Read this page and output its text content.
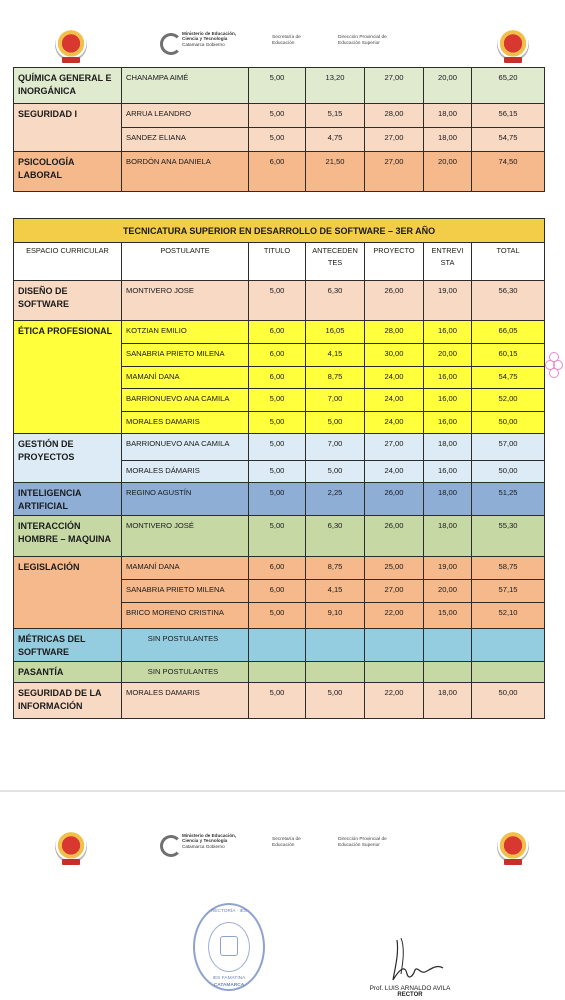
Ministerio de Educación,
Ciencia y Tecnología
Catamarca Gobierno
Secretaría de
Educación
Dirección Provincial de
Educación Superior
QUÍMICA GENERAL E INORGÁNICA	CHANAMPA AIMÉ	5,00	13,20	27,00	20,00	65,20
SEGURIDAD I	ARRUA LEANDRO	5,00	5,15	28,00	18,00	56,15
	SANDEZ ELIANA	5,00	4,75	27,00	18,00	54,75
PSICOLOGÍA LABORAL	BORDÓN ANA DANIELA	6,00	21,50	27,00	20,00	74,50
TECNICATURA SUPERIOR EN DESARROLLO DE SOFTWARE – 3ER AÑO						
ESPACIO CURRICULAR	POSTULANTE	TITULO	ANTECEDEN TES	PROYECTO	ENTREVI STA	TOTAL
DISEÑO DE SOFTWARE	MONTIVERO JOSE	5,00	6,30	26,00	19,00	56,30
ÉTICA PROFESIONAL	KOTZIAN EMILIO	6,00	16,05	28,00	16,00	66,05
	SANABRIA PRIETO MILENA	6,00	4,15	30,00	20,00	60,15
	MAMANÍ DANA	6,00	8,75	24,00	16,00	54,75
	BARRIONUEVO ANA CAMILA	5,00	7,00	24,00	16,00	52,00
	MORALES DAMARIS	5,00	5,00	24,00	16,00	50,00
GESTIÓN DE PROYECTOS	BARRIONUEVO ANA CAMILA	5,00	7,00	27,00	18,00	57,00
	MORALES DÁMARIS	5,00	5,00	24,00	16,00	50,00
INTELIGENCIA ARTIFICIAL	REGINO AGUSTÍN	5,00	2,25	26,00	18,00	51,25
INTERACCIÓN HOMBRE – MAQUINA	MONTIVERO JOSÉ	5,00	6,30	26,00	18,00	55,30
LEGISLACIÓN	MAMANÍ DANA	6,00	8,75	25,00	19,00	58,75
	SANABRIA PRIETO MILENA	6,00	4,15	27,00	20,00	57,15
	BRICO MORENO CRISTINA	5,00	9,10	22,00	15,00	52,10
MÉTRICAS DEL SOFTWARE	SIN POSTULANTES					
PASANTÍA	SIN POSTULANTES					
SEGURIDAD DE LA INFORMACIÓN	MORALES DAMARIS	5,00	5,00	22,00	18,00	50,00
Ministerio de Educación,
Ciencia y Tecnología
Catamarca Gobierno
Secretaría de
Educación
Dirección Provincial de
Educación Superior
RECTORÍA · IES
IES FAMATINA
CATAMARCA	Prof. LUIS ARNALDO AVILA
RECTOR
